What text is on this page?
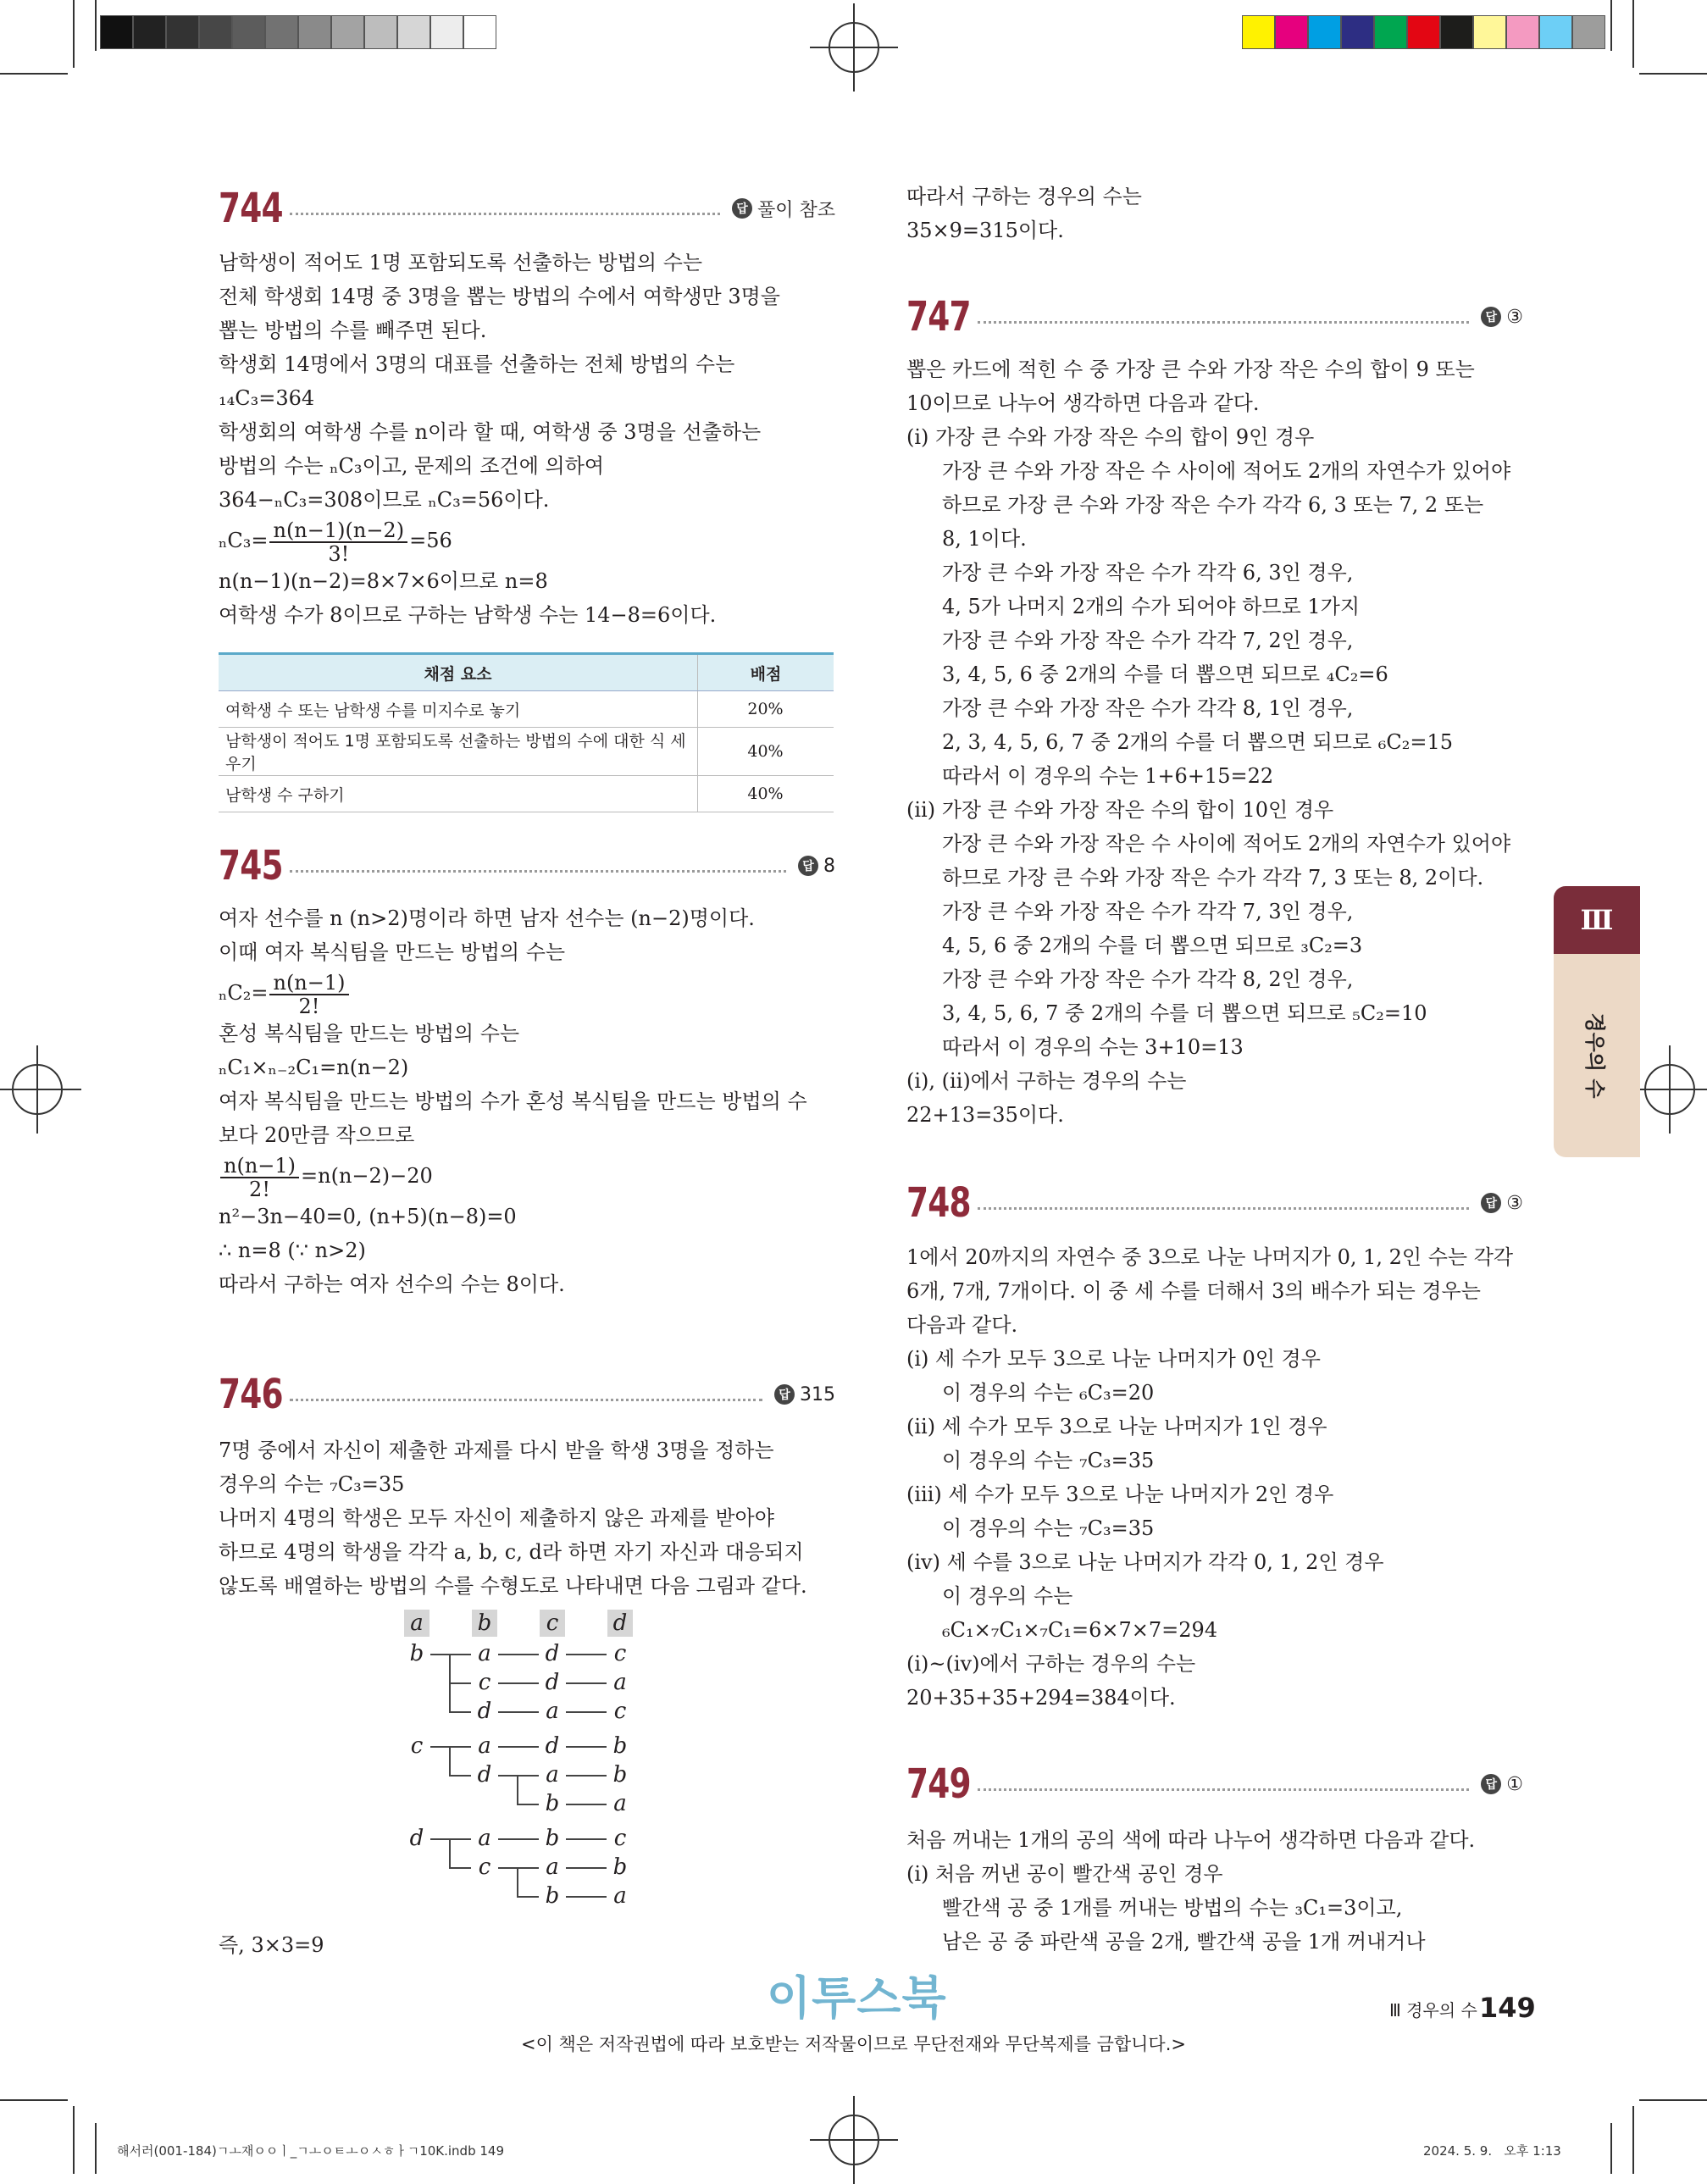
744	답 풀이 참조
남학생이 적어도 1명 포함되도록 선출하는 방법의 수는
전체 학생회 14명 중 3명을 뽑는 방법의 수에서 여학생만 3명을
뽑는 방법의 수를 빼주면 된다.
학생회 14명에서 3명의 대표를 선출하는 전체 방법의 수는
₁₄C₃=364
학생회의 여학생 수를 n이라 할 때, 여학생 중 3명을 선출하는
방법의 수는 ₙC₃이고, 문제의 조건에 의하여
364−ₙC₃=308이므로 ₙC₃=56이다.
$_nC_3= \frac{n(n-1)(n-2)}{3!} =56$
n(n−1)(n−2)=8×7×6이므로 n=8
여학생 수가 8이므로 구하는 남학생 수는 14−8=6이다.
채점 요소	배점
여학생 수 또는 남학생 수를 미지수로 놓기	20%
남학생이 적어도 1명 포함되도록 선출하는 방법의 수에 대한 식 세우기	40%
남학생 수 구하기	40%
745	답 8
여자 선수를 n (n>2)명이라 하면 남자 선수는 (n−2)명이다.
이때 여자 복식팀을 만드는 방법의 수는
$_nC_2= \frac{n(n-1)}{2!}$
혼성 복식팀을 만드는 방법의 수는
ₙC₁×ₙ₋₂C₁=n(n−2)
여자 복식팀을 만드는 방법의 수가 혼성 복식팀을 만드는 방법의 수
보다 20만큼 작으므로
$\frac{n(n-1)}{2!} =n(n-2)-20$
n²−3n−40=0, (n+5)(n−8)=0
∴ n=8 (∵ n>2)
따라서 구하는 여자 선수의 수는 8이다.
746	답 315
7명 중에서 자신이 제출한 과제를 다시 받을 학생 3명을 정하는
경우의 수는 ₇C₃=35
나머지 4명의 학생은 모두 자신이 제출하지 않은 과제를 받아야
하므로 4명의 학생을 각각 a, b, c, d라 하면 자기 자신과 대응되지
않도록 배열하는 방법의 수를 수형도로 나타내면 다음 그림과 같다.
a b c d
b a d c
c d a
d a c
c a d b
d a b
b a
d a b c
c a b
b a
즉, 3×3=9
따라서 구하는 경우의 수는
35×9=315이다.
747	답 ③
뽑은 카드에 적힌 수 중 가장 큰 수와 가장 작은 수의 합이 9 또는
10이므로 나누어 생각하면 다음과 같다.
(ⅰ) 가장 큰 수와 가장 작은 수의 합이 9인 경우
가장 큰 수와 가장 작은 수 사이에 적어도 2개의 자연수가 있어야
하므로 가장 큰 수와 가장 작은 수가 각각 6, 3 또는 7, 2 또는
8, 1이다.
가장 큰 수와 가장 작은 수가 각각 6, 3인 경우,
4, 5가 나머지 2개의 수가 되어야 하므로 1가지
가장 큰 수와 가장 작은 수가 각각 7, 2인 경우,
3, 4, 5, 6 중 2개의 수를 더 뽑으면 되므로 ₄C₂=6
가장 큰 수와 가장 작은 수가 각각 8, 1인 경우,
2, 3, 4, 5, 6, 7 중 2개의 수를 더 뽑으면 되므로 ₆C₂=15
따라서 이 경우의 수는 1+6+15=22
(ⅱ) 가장 큰 수와 가장 작은 수의 합이 10인 경우
가장 큰 수와 가장 작은 수 사이에 적어도 2개의 자연수가 있어야
하므로 가장 큰 수와 가장 작은 수가 각각 7, 3 또는 8, 2이다.
가장 큰 수와 가장 작은 수가 각각 7, 3인 경우,
4, 5, 6 중 2개의 수를 더 뽑으면 되므로 ₃C₂=3
가장 큰 수와 가장 작은 수가 각각 8, 2인 경우,
3, 4, 5, 6, 7 중 2개의 수를 더 뽑으면 되므로 ₅C₂=10
따라서 이 경우의 수는 3+10=13
(ⅰ), (ⅱ)에서 구하는 경우의 수는
22+13=35이다.
748	답 ③
1에서 20까지의 자연수 중 3으로 나눈 나머지가 0, 1, 2인 수는 각각
6개, 7개, 7개이다. 이 중 세 수를 더해서 3의 배수가 되는 경우는
다음과 같다.
(ⅰ) 세 수가 모두 3으로 나눈 나머지가 0인 경우
이 경우의 수는 ₆C₃=20
(ⅱ) 세 수가 모두 3으로 나눈 나머지가 1인 경우
이 경우의 수는 ₇C₃=35
(ⅲ) 세 수가 모두 3으로 나눈 나머지가 2인 경우
이 경우의 수는 ₇C₃=35
(ⅳ) 세 수를 3으로 나눈 나머지가 각각 0, 1, 2인 경우
이 경우의 수는
₆C₁×₇C₁×₇C₁=6×7×7=294
(ⅰ)~(ⅳ)에서 구하는 경우의 수는
20+35+35+294=384이다.
749	답 ①
처음 꺼내는 1개의 공의 색에 따라 나누어 생각하면 다음과 같다.
(ⅰ) 처음 꺼낸 공이 빨간색 공인 경우
빨간색 공 중 1개를 꺼내는 방법의 수는 ₃C₁=3이고,
남은 공 중 파란색 공을 2개, 빨간색 공을 1개 꺼내거나
Ⅲ
경우의 수
이투스북	Ⅲ 경우의 수 149
<이 책은 저작권법에 따라 보호받는 저작물이므로 무단전재와 무단복제를 금합니다.>
해서러(001-184)ㄱㅗ재ㅇㅇㅣ_ㄱㅗㅇㅌㅗㅇㅅㅎㅏㄱ10K.indb 149	2024. 5. 9.   오후 1:13
